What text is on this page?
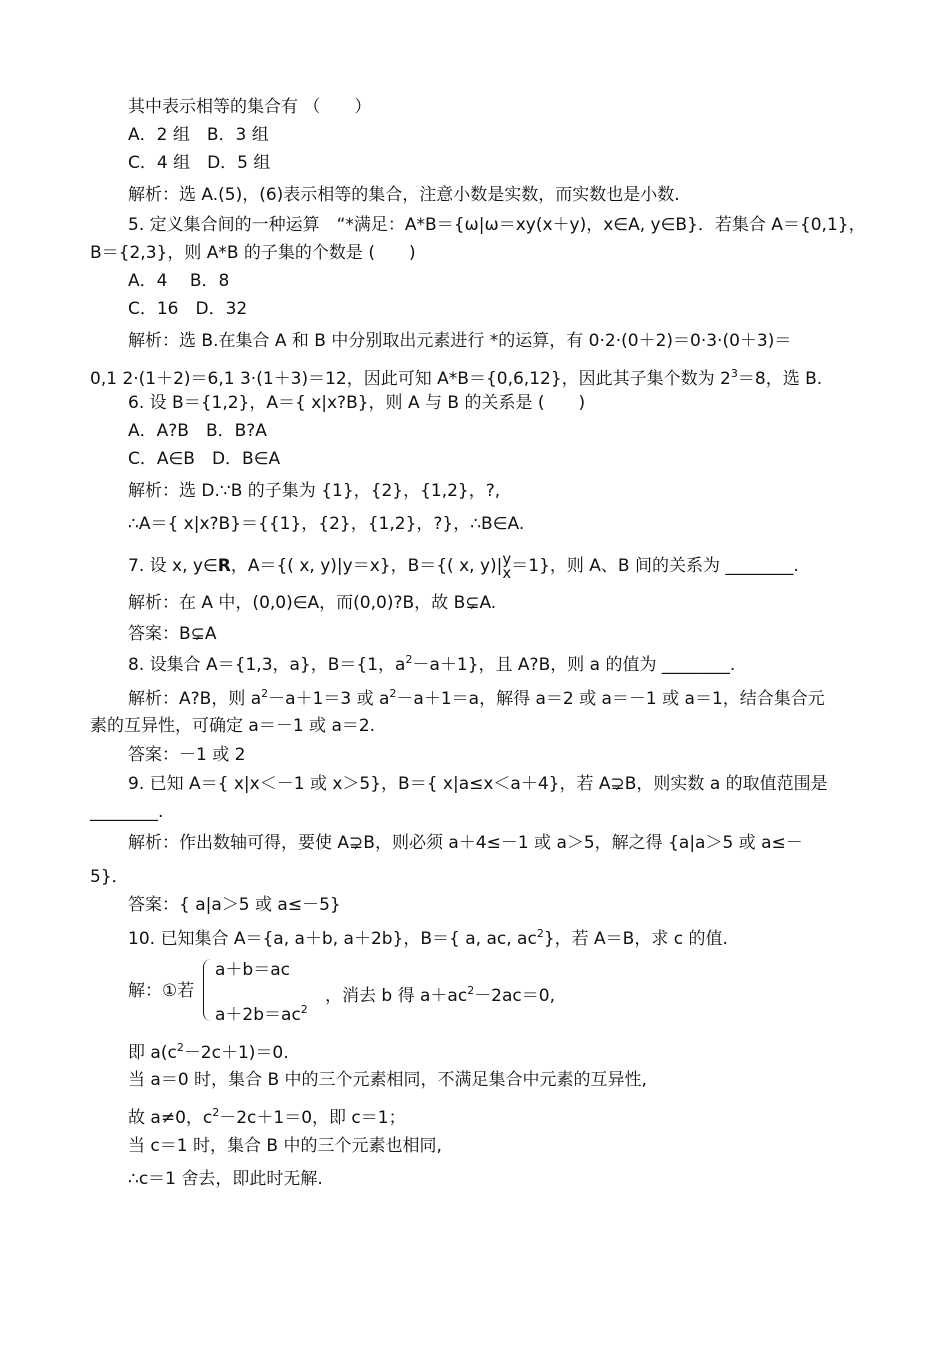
其中表示相等的集合有 （　　）
A．2 组　B．3 组
C．4 组　D．5 组
解析：选 A.(5)，(6)表示相等的集合，注意小数是实数，而实数也是小数.
5. 定义集合间的一种运算　“*满足：A*B＝{ω|ω＝xy(x＋y)，x∈A, y∈B}．若集合 A＝{0,1}，
B＝{2,3}，则 A*B 的子集的个数是 (　　)
A．4　 B．8
C．16　D．32
解析：选 B.在集合 A 和 B 中分别取出元素进行 *的运算，有 0·2·(0＋2)＝0·3·(0＋3)＝
0,1 2·(1＋2)＝6,1 3·(1＋3)＝12，因此可知 A*B＝{0,6,12}，因此其子集个数为 $2^3=8$，选 B.
6. 设 B＝{1,2}，A＝{ x|x?B}，则 A 与 B 的关系是 (　　)
A．A?B　B．B?A
C．A∈B　D．B∈A
解析：选 D.∵B 的子集为 {1}，{2}，{1,2}，?,
∴A＝{ x|x?B}＝{{1}，{2}，{1,2}，?}，∴B∈A.
7. 设 x, y∈R，A＝{( x, y)|y＝x}，B＝{( x, y)| y
x ＝1}，则 A、B 间的关系为 ________.
解析：在 A 中，(0,0)∈A，而(0,0)?B，故 B⊊A.
答案：B⊊A
8. 设集合 A＝{1,3，a}，B＝{1，$a^2-a+1$}，且 A?B，则 a 的值为 ________.
解析：A?B，则 $a^2-a+1=3$ 或 $a^2-a+1=a$，解得 a＝2 或 a＝－1 或 a＝1，结合集合元
素的互异性，可确定 a＝－1 或 a＝2.
答案：－1 或 2
9. 已知 A＝{ x|x＜－1 或 x＞5}，B＝{ x|a≤x＜a＋4}，若 A⊋B，则实数 a 的取值范围是
________.
解析：作出数轴可得，要使 A⊋B，则必须 a＋4≤－1 或 a＞5，解之得 {a|a＞5 或 a≤－
5}．
答案：{ a|a＞5 或 a≤－5}
10. 已知集合 A＝{a, a＋b, a＋2b}，B＝{ a, ac, $ac^2$}，若 A＝B，求 c 的值.
解：①若
a＋b＝ac
$a+2b=ac^2$
，消去 b 得 $a+ac^2-2ac=0$,
即 $a(c^2-2c+1)=0$.
当 a＝0 时，集合 B 中的三个元素相同，不满足集合中元素的互异性,
故 a≠0，$c^2-2c+1=0$，即 c＝1；
当 c＝1 时，集合 B 中的三个元素也相同,
∴c＝1 舍去，即此时无解.
